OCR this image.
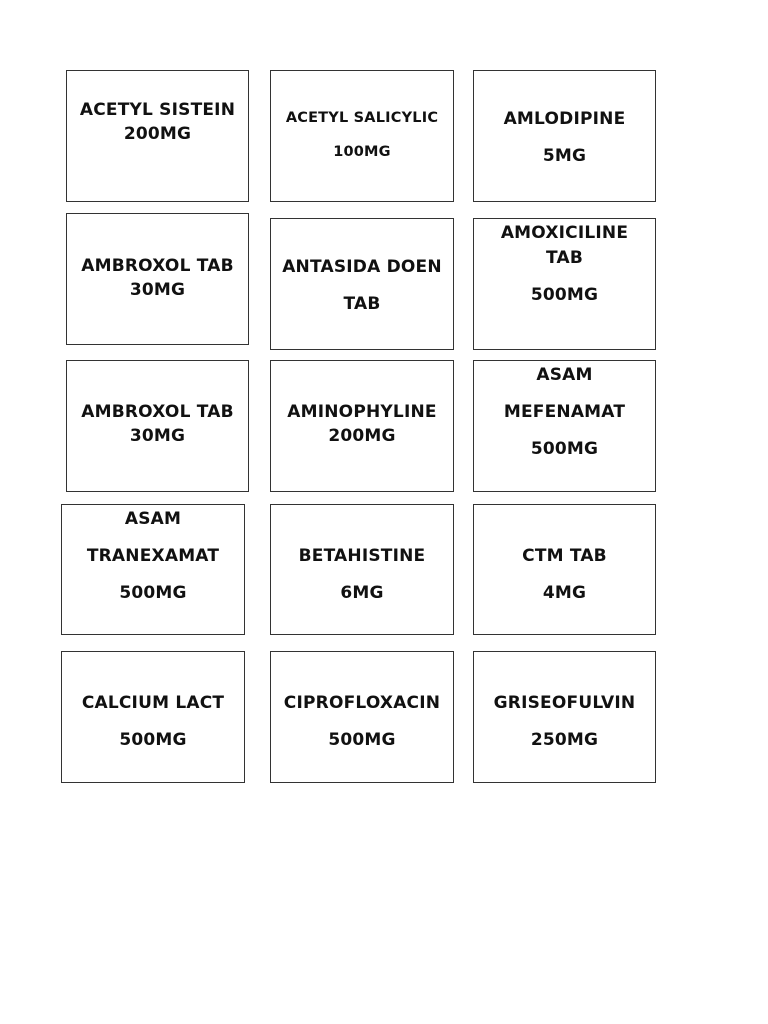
ACETYL SISTEIN
200MG
ACETYL SALICYLIC
100MG
AMLODIPINE
5MG
AMBROXOL TAB
30MG
ANTASIDA DOEN
TAB
AMOXICILINE
TAB
500MG
AMBROXOL TAB
30MG
AMINOPHYLINE
200MG
ASAM
MEFENAMAT
500MG
ASAM
TRANEXAMAT
500MG
BETAHISTINE
6MG
CTM TAB
4MG
CALCIUM LACT
500MG
CIPROFLOXACIN
500MG
GRISEOFULVIN
250MG
